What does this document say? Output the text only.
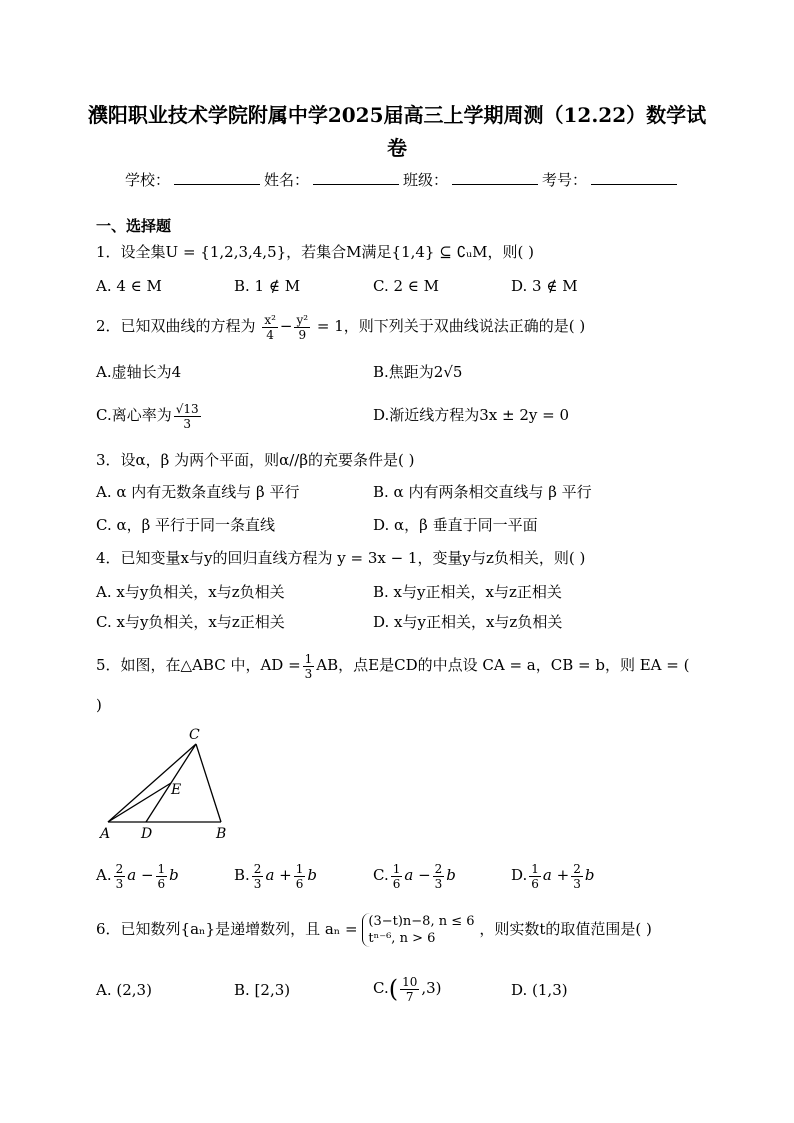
濮阳职业技术学院附属中学2025届高三上学期周测（12.22）数学试
卷
学校：	姓名：	班级：	考号：
一、选择题
1．设全集U = {1,2,3,4,5}，若集合M满足{1,4} ⊆ ∁ᵤM，则( )
A. 4 ∈ M	B. 1 ∉ M	C. 2 ∈ M	D. 3 ∉ M
2．已知双曲线的方程为 $\frac{\text{x²}}{4} - \frac{\text{y²}}{9} = 1$，则下列关于双曲线说法正确的是( )
A.虚轴长为4	B.焦距为2√5
C.离心率为 $\frac{√13}{3}$	D.渐近线方程为3x ± 2y = 0
3．设α，β 为两个平面，则α//β的充要条件是( )
A. α 内有无数条直线与 β 平行	B. α 内有两条相交直线与 β 平行
C. α，β 平行于同一条直线	D. α，β 垂直于同一平面
4．已知变量x与y的回归直线方程为 y = 3x − 1，变量y与z负相关，则( )
A. x与y负相关，x与z负相关	B. x与y正相关，x与z正相关
C. x与y负相关，x与z正相关	D. x与y正相关，x与z负相关
5．如图，在△ABC 中，AD = $\frac{1}{3}$ AB，点E是CD的中点设 CA = a，CB = b，则 EA = (
)
C
E
A D	B
A. $\frac{2}{3}$ $a - \frac{1}{6}$ b	B. $\frac{2}{3}$ $a + \frac{1}{6}$ b	C. $\frac{1}{6}$ $a - \frac{2}{3}$ b	D. $\frac{1}{6}$ $a + \frac{2}{3}$ b
6．已知数列{aₙ}是递增数列，且 aₙ = (3−t)n−8, n ≤ 6
tⁿ⁻⁶, n > 6 ，则实数t的取值范围是( )
A. (2,3)	B. [2,3)	$C.( \frac{10}{7} ,3)$	D. (1,3)
